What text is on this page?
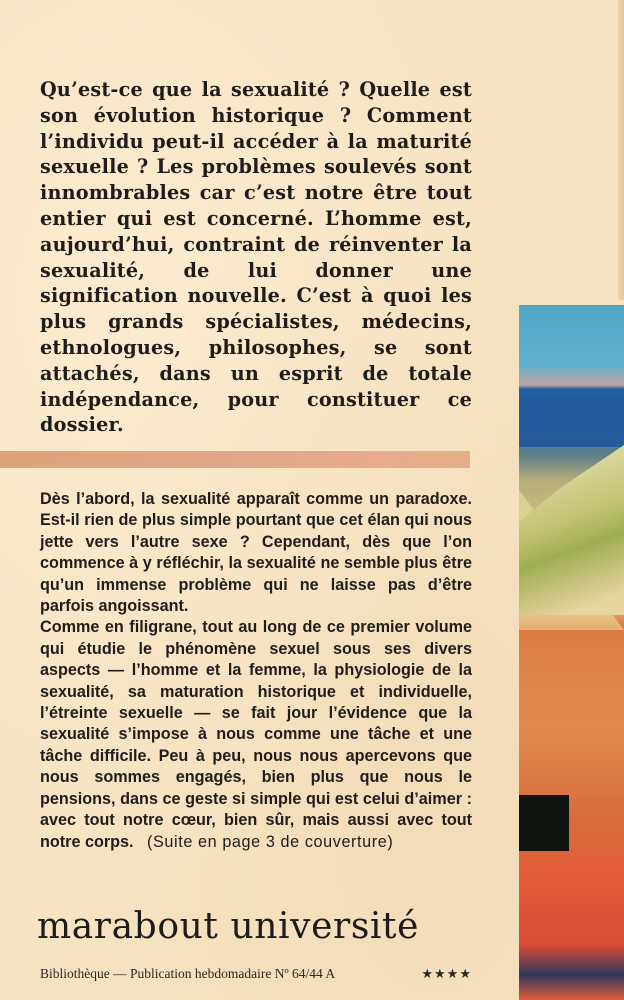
Qu’est-ce que la sexualité ? Quelle est son évolution historique ? Comment l’individu peut-il accéder à la maturité sexuelle ? Les problèmes soulevés sont innombrables car c’est notre être tout entier qui est concerné. L’homme est, aujourd’hui, contraint de réinventer la sexualité, de lui donner une signification nouvelle. C’est à quoi les plus grands spécialistes, médecins, ethnologues, philosophes, se sont attachés, dans un esprit de totale indépendance, pour constituer ce dossier.

Dès l’abord, la sexualité apparaît comme un paradoxe. Est-il rien de plus simple pourtant que cet élan qui nous jette vers l’autre sexe ? Cependant, dès que l’on commence à y réfléchir, la sexualité ne semble plus être qu’un immense problème qui ne laisse pas d’être parfois angoissant.

Comme en filigrane, tout au long de ce premier volume qui étudie le phénomène sexuel sous ses divers aspects — l’homme et la femme, la physiologie de la sexualité, sa maturation historique et individuelle, l’étreinte sexuelle — se fait jour l’évidence que la sexualité s’impose à nous comme une tâche et une tâche difficile. Peu à peu, nous nous apercevons que nous sommes engagés, bien plus que nous le pensions, dans ce geste si simple qui est celui d’aimer : avec tout notre cœur, bien sûr, mais aussi avec tout notre corps. (Suite en page 3 de couverture)

marabout université
Bibliothèque — Publication hebdomadaire Nº 64/44 A	★★★★
